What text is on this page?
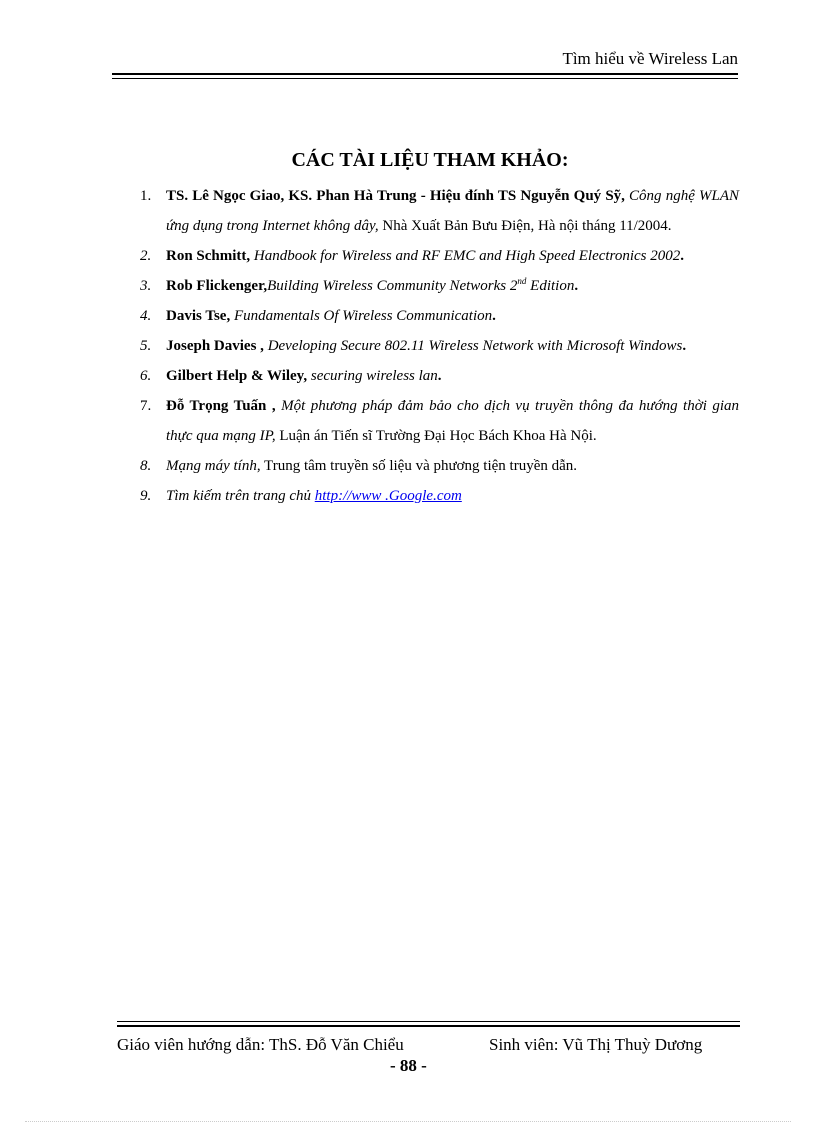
Tìm hiểu về Wireless Lan
CÁC TÀI LIỆU THAM KHẢO:
1. TS. Lê Ngọc Giao, KS. Phan Hà Trung - Hiệu đính TS Nguyễn Quý Sỹ, Công nghệ WLAN ứng dụng trong Internet không dây, Nhà Xuất Bản Bưu Điện, Hà nội tháng 11/2004.
2. Ron Schmitt, Handbook for Wireless and RF EMC and High Speed Electronics 2002.
3. Rob Flickenger,Building Wireless Community Networks 2nd Edition.
4. Davis Tse, Fundamentals Of Wireless Communication.
5. Joseph Davies , Developing Secure 802.11 Wireless Network with Microsoft Windows.
6. Gilbert Help & Wiley, securing wireless lan.
7. Đỗ Trọng Tuấn , Một phương pháp đảm bảo cho dịch vụ truyền thông đa hướng thời gian thực qua mạng IP, Luận án Tiến sĩ Trường Đại Học Bách Khoa Hà Nội.
8. Mạng máy tính, Trung tâm truyền số liệu và phương tiện truyền dẫn.
9. Tìm kiếm trên trang chủ http://www .Google.com
Giáo viên hướng dẫn: ThS. Đỗ Văn Chiểu	Sinh viên: Vũ Thị Thuỳ Dương
- 88 -
